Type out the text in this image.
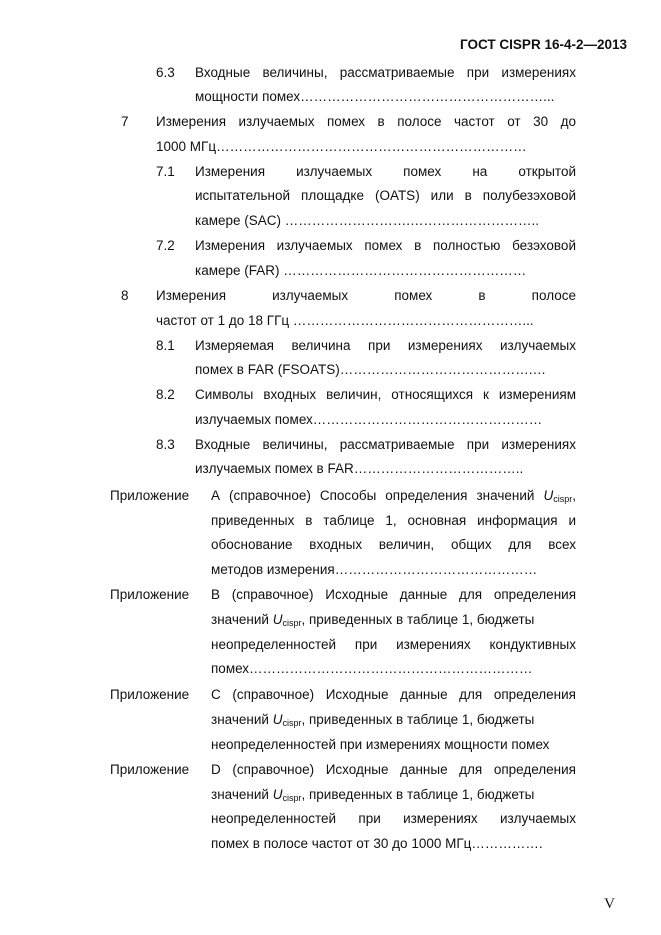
ГОСТ CISPR 16-4-2—2013
6.3 Входные величины, рассматриваемые при измерениях
мощности помех………………………………………………...
7 Измерения излучаемых помех в полосе частот от 30 до
1000 МГц……………………………………………………………
7.1 Измерения излучаемых помех на открытой
испытательной площадке (OATS) или в полубезэховой
камере (SAC) ……………………….………………………..
7.2 Измерения излучаемых помех в полностью безэховой
камере (FAR) ………………………………………………
8 Измерения излучаемых помех в полосе
частот от 1 до 18 ГГц ……………………………………………...
8.1 Измеряемая величина при измерениях излучаемых
помех в FAR (FSOATS)…………………………………….…
8.2 Символы входных величин, относящихся к измерениям
излучаемых помех……………………………………………
8.3 Входные величины, рассматриваемые при измерениях
излучаемых помех в FAR………………………………..
Приложение А (справочное) Способы определения значений $U_{cispr}$,
приведенных в таблице 1, основная информация и
обоснование входных величин, общих для всех
методов измерения………………………………………
Приложение В (справочное) Исходные данные для определения
значений $U_{cispr}$, приведенных в таблице 1, бюджеты
неопределенностей при измерениях кондуктивных
помех………………………………………………………
Приложение С (справочное) Исходные данные для определения
значений $U_{cispr}$, приведенных в таблице 1, бюджеты
неопределенностей при измерениях мощности помех
Приложение D (справочное) Исходные данные для определения
значений $U_{cispr}$, приведенных в таблице 1, бюджеты
неопределенностей при измерениях излучаемых
помех в полосе частот от 30 до 1000 МГц…………….
V
